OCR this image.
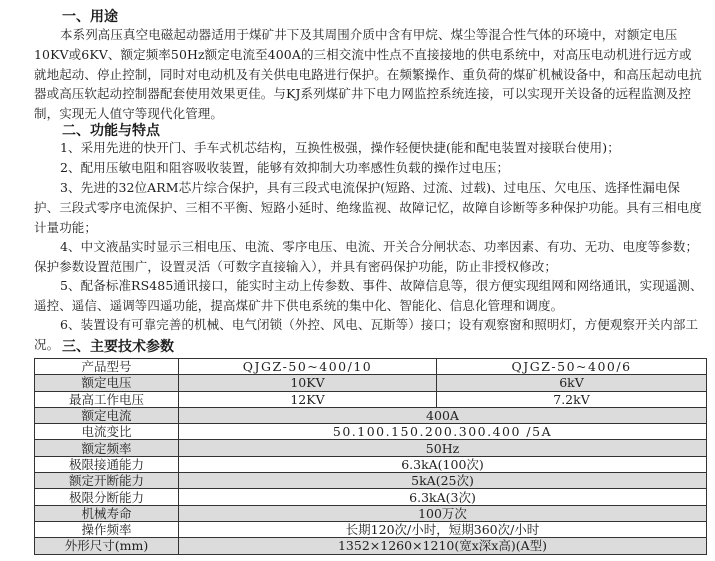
一、用途
本系列高压真空电磁起动器适用于煤矿井下及其周围介质中含有甲烷、煤尘等混合性气体的环境中，对额定电压10KV或6KV、额定频率50Hz额定电流至400A的三相交流中性点不直接接地的供电系统中，对高压电动机进行远方或就地起动、停止控制，同时对电动机及有关供电电路进行保护。在频繁操作、重负荷的煤矿机械设备中，和高压起动电抗器或高压软起动控制器配套使用效果更佳。与KJ系列煤矿井下电力网监控系统连接，可以实现开关设备的远程监测及控制，实现无人值守等现代化管理。
二、功能与特点
1、采用先进的快开门、手车式机芯结构，互换性极强，操作轻便快捷(能和配电装置对接联台使用)；
2、配用压敏电阻和阻容吸收装置，能够有效抑制大功率感性负载的操作过电压；
3、先进的32位ARM芯片综合保护，具有三段式电流保护(短路、过流、过载)、过电压、欠电压、选择性漏电保护、三段式零序电流保护、三相不平衡、短路小延时、绝缘监视、故障记忆，故障自诊断等多种保护功能。具有三相电度计量功能；
4、中文液晶实时显示三相电压、电流、零序电压、电流、开关合分闸状态、功率因素、有功、无功、电度等参数；保护参数设置范围广，设置灵活（可数字直接输入），并具有密码保护功能，防止非授权修改；
5、配备标准RS485通讯接口，能实时主动上传参数、事件、故障信息等，很方便实现组网和网络通讯，实现遥测、遥控、遥信、遥调等四遥功能，提高煤矿井下供电系统的集中化、智能化、信息化管理和调度。
6、装置设有可靠完善的机械、电气闭锁（外控、风电、瓦斯等）接口；设有观察窗和照明灯，方便观察开关内部工况。 三、主要技术参数
产品型号	QJGZ-50~400/10	QJGZ-50~400/6
额定电压	10KV	6kV
最高工作电压	12KV	7.2kV
额定电流	400A	
电流变比	50.100.150.200.300.400 /5A	
额定频率	50Hz	
极限接通能力	6.3kA(100次)	
额定开断能力	5kA(25次)	
极限分断能力	6.3kA(3次)	
机械寿命	100万次	
操作频率	长期120次/小时，短期360次/小时	
外形尺寸(mm)	1352×1260×1210(宽x深x高)(A型)	
